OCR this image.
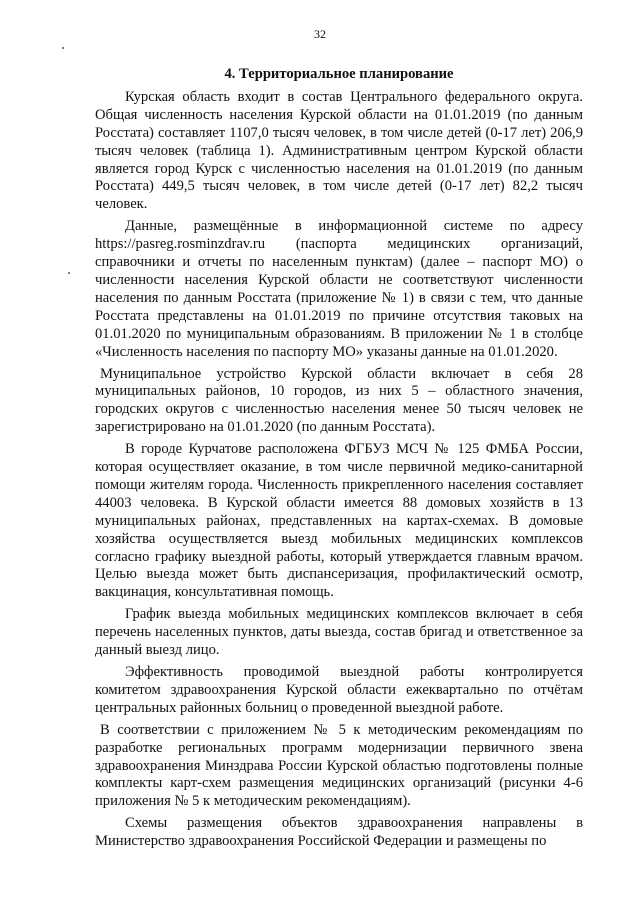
32
4. Территориальное планирование

Курская область входит в состав Центрального федерального округа. Общая численность населения Курской области на 01.01.2019 (по данным Росстата) составляет 1107,0 тысяч человек, в том числе детей (0-17 лет) 206,9 тысяч человек (таблица 1). Административным центром Курской области является город Курск с численностью населения на 01.01.2019 (по данным Росстата) 449,5 тысяч человек, в том числе детей (0-17 лет) 82,2 тысяч человек.

Данные, размещённые в информационной системе по адресу https://pasreg.rosminzdrav.ru (паспорта медицинских организаций, справочники и отчеты по населенным пунктам) (далее – паспорт МО) о численности населения Курской области не соответствуют численности населения по данным Росстата (приложение № 1) в связи с тем, что данные Росстата представлены на 01.01.2019 по причине отсутствия таковых на 01.01.2020 по муниципальным образованиям. В приложении № 1 в столбце «Численность населения по паспорту МО» указаны данные на 01.01.2020.

Муниципальное устройство Курской области включает в себя 28 муниципальных районов, 10 городов, из них 5 – областного значения, городских округов с численностью населения менее 50 тысяч человек не зарегистрировано на 01.01.2020 (по данным Росстата).

В городе Курчатове расположена ФГБУЗ МСЧ № 125 ФМБА России, которая осуществляет оказание, в том числе первичной медико-санитарной помощи жителям города. Численность прикрепленного населения составляет 44003 человека. В Курской области имеется 88 домовых хозяйств в 13 муниципальных районах, представленных на картах-схемах. В домовые хозяйства осуществляется выезд мобильных медицинских комплексов согласно графику выездной работы, который утверждается главным врачом. Целью выезда может быть диспансеризация, профилактический осмотр, вакцинация, консультативная помощь.

График выезда мобильных медицинских комплексов включает в себя перечень населенных пунктов, даты выезда, состав бригад и ответственное за данный выезд лицо.

Эффективность проводимой выездной работы контролируется комитетом здравоохранения Курской области ежеквартально по отчётам центральных районных больниц о проведенной выездной работе.

В соответствии с приложением № 5 к методическим рекомендациям по разработке региональных программ модернизации первичного звена здравоохранения Минздрава России Курской областью подготовлены полные комплекты карт-схем размещения медицинских организаций (рисунки 4-6 приложения № 5 к методическим рекомендациям).

Схемы размещения объектов здравоохранения направлены в Министерство здравоохранения Российской Федерации и размещены по
